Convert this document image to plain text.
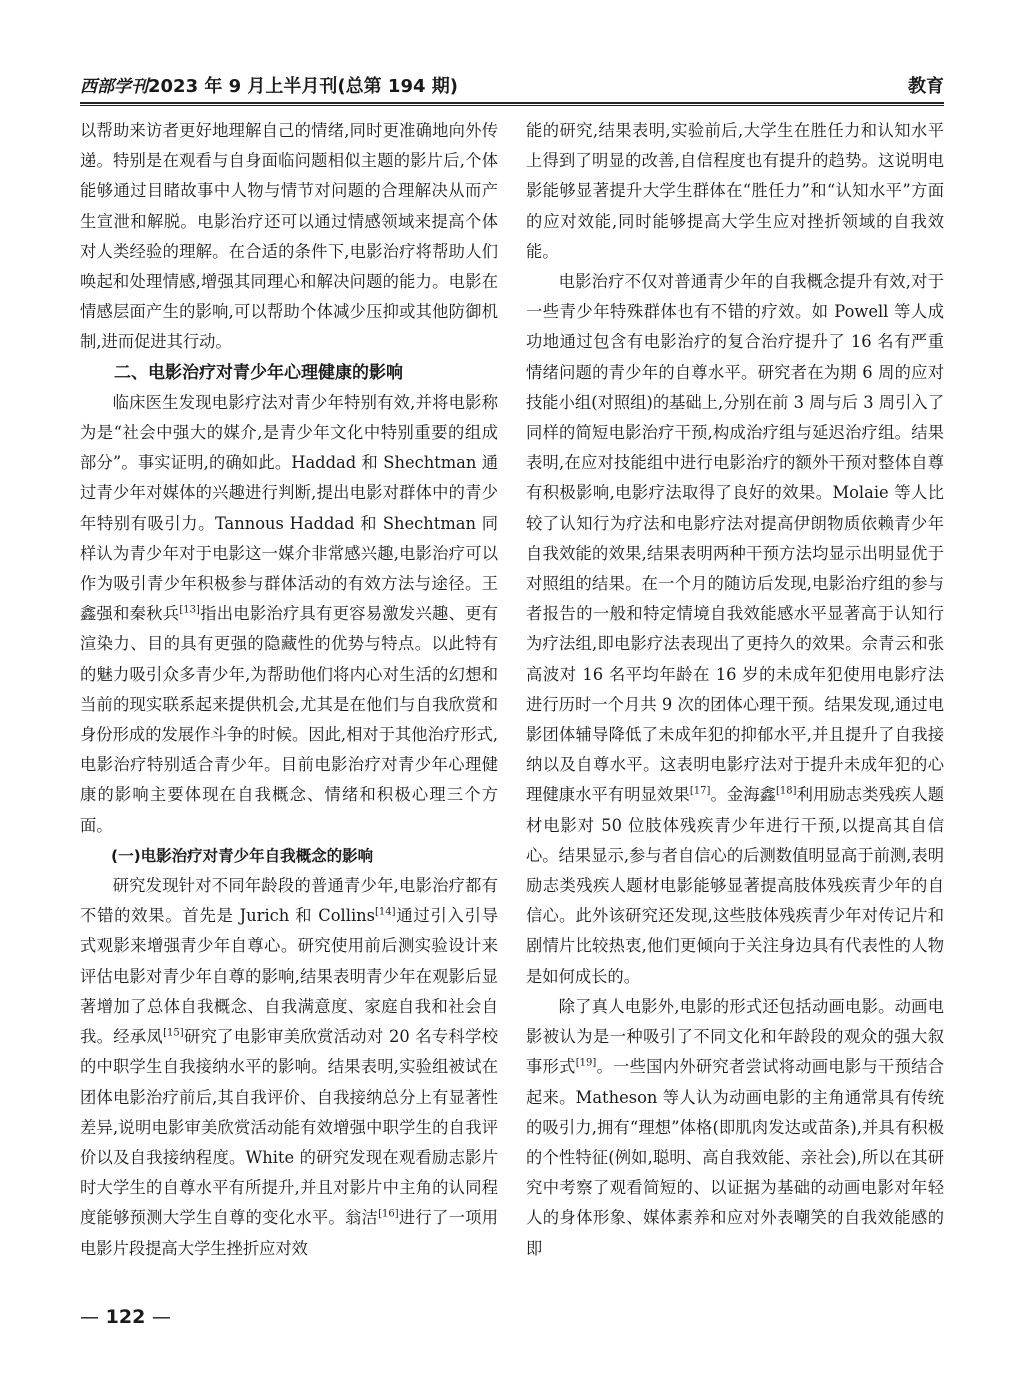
西部学刊2023 年 9 月上半月刊(总第 194 期)	教育

以帮助来访者更好地理解自己的情绪,同时更准确地向外传递。特别是在观看与自身面临问题相似主题的影片后,个体能够通过目睹故事中人物与情节对问题的合理解决从而产生宣泄和解脱。电影治疗还可以通过情感领域来提高个体对人类经验的理解。在合适的条件下,电影治疗将帮助人们唤起和处理情感,增强其同理心和解决问题的能力。电影在情感层面产生的影响,可以帮助个体减少压抑或其他防御机制,进而促进其行动。

二、电影治疗对青少年心理健康的影响

临床医生发现电影疗法对青少年特别有效,并将电影称为是“社会中强大的媒介,是青少年文化中特别重要的组成部分”。事实证明,的确如此。Haddad 和 Shechtman 通过青少年对媒体的兴趣进行判断,提出电影对群体中的青少年特别有吸引力。Tannous Haddad 和 Shechtman 同样认为青少年对于电影这一媒介非常感兴趣,电影治疗可以作为吸引青少年积极参与群体活动的有效方法与途径。王鑫强和秦秋兵[13]指出电影治疗具有更容易激发兴趣、更有渲染力、目的具有更强的隐藏性的优势与特点。以此特有的魅力吸引众多青少年,为帮助他们将内心对生活的幻想和当前的现实联系起来提供机会,尤其是在他们与自我欣赏和身份形成的发展作斗争的时候。因此,相对于其他治疗形式,电影治疗特别适合青少年。目前电影治疗对青少年心理健康的影响主要体现在自我概念、情绪和积极心理三个方面。

(一)电影治疗对青少年自我概念的影响

研究发现针对不同年龄段的普通青少年,电影治疗都有不错的效果。首先是 Jurich 和 Collins[14]通过引入引导式观影来增强青少年自尊心。研究使用前后测实验设计来评估电影对青少年自尊的影响,结果表明青少年在观影后显著增加了总体自我概念、自我满意度、家庭自我和社会自我。经承凤[15]研究了电影审美欣赏活动对 20 名专科学校的中职学生自我接纳水平的影响。结果表明,实验组被试在团体电影治疗前后,其自我评价、自我接纳总分上有显著性差异,说明电影审美欣赏活动能有效增强中职学生的自我评价以及自我接纳程度。White 的研究发现在观看励志影片时大学生的自尊水平有所提升,并且对影片中主角的认同程度能够预测大学生自尊的变化水平。翁洁[16]进行了一项用电影片段提高大学生挫折应对效

能的研究,结果表明,实验前后,大学生在胜任力和认知水平上得到了明显的改善,自信程度也有提升的趋势。这说明电影能够显著提升大学生群体在“胜任力”和“认知水平”方面的应对效能,同时能够提高大学生应对挫折领域的自我效能。

电影治疗不仅对普通青少年的自我概念提升有效,对于一些青少年特殊群体也有不错的疗效。如 Powell 等人成功地通过包含有电影治疗的复合治疗提升了 16 名有严重情绪问题的青少年的自尊水平。研究者在为期 6 周的应对技能小组(对照组)的基础上,分别在前 3 周与后 3 周引入了同样的简短电影治疗干预,构成治疗组与延迟治疗组。结果表明,在应对技能组中进行电影治疗的额外干预对整体自尊有积极影响,电影疗法取得了良好的效果。Molaie 等人比较了认知行为疗法和电影疗法对提高伊朗物质依赖青少年自我效能的效果,结果表明两种干预方法均显示出明显优于对照组的结果。在一个月的随访后发现,电影治疗组的参与者报告的一般和特定情境自我效能感水平显著高于认知行为疗法组,即电影疗法表现出了更持久的效果。佘青云和张高波对 16 名平均年龄在 16 岁的未成年犯使用电影疗法进行历时一个月共 9 次的团体心理干预。结果发现,通过电影团体辅导降低了未成年犯的抑郁水平,并且提升了自我接纳以及自尊水平。这表明电影疗法对于提升未成年犯的心理健康水平有明显效果[17]。金海鑫[18]利用励志类残疾人题材电影对 50 位肢体残疾青少年进行干预,以提高其自信心。结果显示,参与者自信心的后测数值明显高于前测,表明励志类残疾人题材电影能够显著提高肢体残疾青少年的自信心。此外该研究还发现,这些肢体残疾青少年对传记片和剧情片比较热衷,他们更倾向于关注身边具有代表性的人物是如何成长的。

除了真人电影外,电影的形式还包括动画电影。动画电影被认为是一种吸引了不同文化和年龄段的观众的强大叙事形式[19]。一些国内外研究者尝试将动画电影与干预结合起来。Matheson 等人认为动画电影的主角通常具有传统的吸引力,拥有“理想”体格(即肌肉发达或苗条),并具有积极的个性特征(例如,聪明、高自我效能、亲社会),所以在其研究中考察了观看简短的、以证据为基础的动画电影对年轻人的身体形象、媒体素养和应对外表嘲笑的自我效能感的即

— 122 —
